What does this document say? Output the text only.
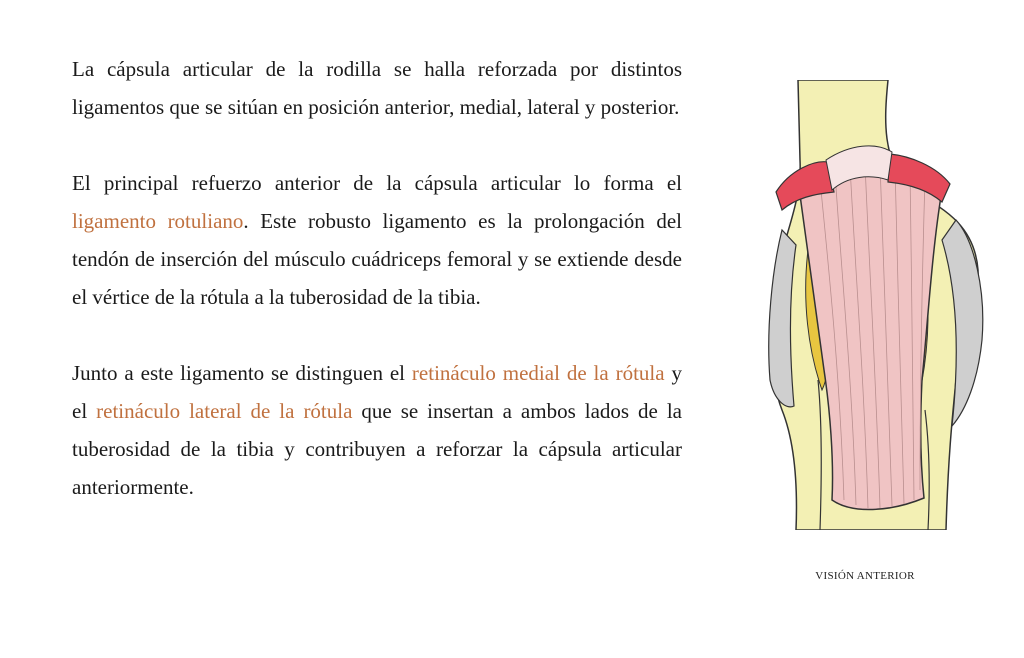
La cápsula articular de la rodilla se halla reforzada por distintos ligamentos que se sitúan en posición anterior, medial, lateral y posterior.

El principal refuerzo anterior de la cápsula articular lo forma el ligamento rotuliano. Este robusto ligamento es la prolongación del tendón de inserción del músculo cuádriceps femoral y se extiende desde el vértice de la rótula a la tuberosidad de la tibia.

Junto a este ligamento se distinguen el retináculo medial de la rótula y el retináculo lateral de la rótula que se insertan a ambos lados de la tuberosidad de la tibia y contribuyen a reforzar la cápsula articular anteriormente.

VISIÓN ANTERIOR
